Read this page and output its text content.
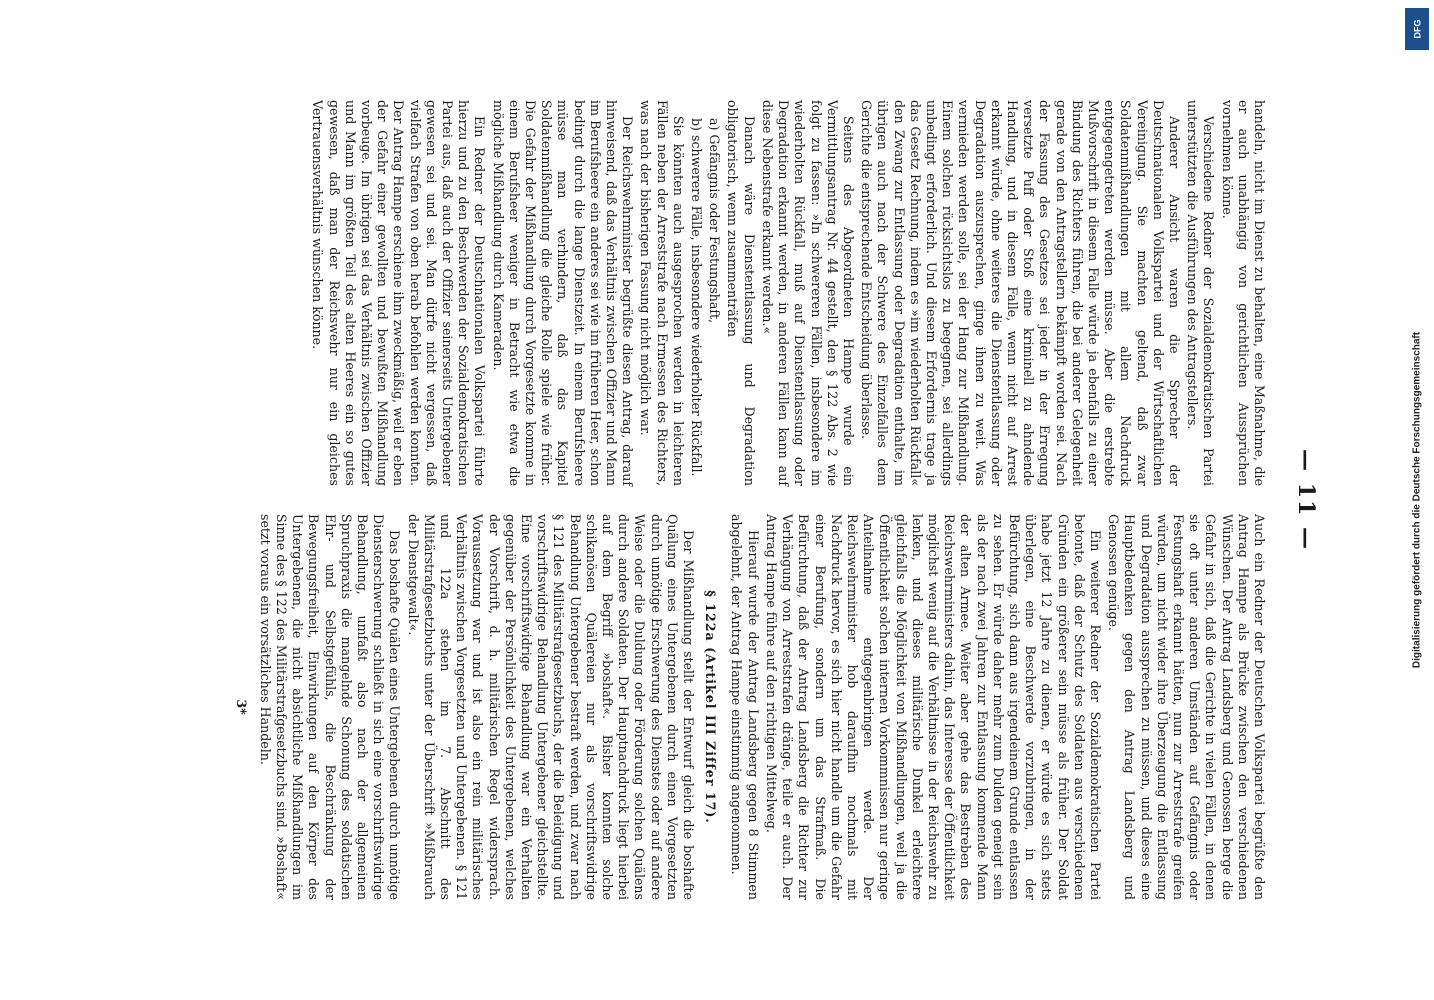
— 11 —

handeln, nicht im Dienst zu behalten, eine Maßnahme, die er auch unabhängig von gerichtlichen Aussprüchen vornehmen könne.

Verschiedene Redner der Sozialdemokratischen Partei unterstützten die Ausführungen des Antragstellers.

Anderer Ansicht waren die Sprecher der Deutschnationalen Volkspartei und der Wirtschaftlichen Vereinigung. Sie machten geltend, daß zwar Soldatenmißhandlungen mit allem Nachdruck entgegengetreten werden müsse. Aber die erstrebte Mußvorschrift in diesem Falle würde ja ebenfalls zu einer Bindung des Richters führen, die bei anderer Gelegenheit gerade von den Antragstellern bekämpft worden sei. Nach der Fassung des Gesetzes sei jeder in der Erregung versetzte Puff oder Stoß eine kriminell zu ahndende Handlung, und in diesem Falle, wenn nicht auf Arrest erkannt würde, ohne weiteres die Dienstentlassung oder Degradation auszusprechen, ginge ihnen zu weit. Was vermieden werden solle, sei der Hang zur Mißhandlung. Einem solchen rücksichtslos zu begegnen, sei allerdings unbedingt erforderlich. Und diesem Erfordernis trage ja das Gesetz Rechnung, indem es »im wiederholten Rückfall« den Zwang zur Entlassung oder Degradation enthalte, im übrigen auch nach der Schwere des Einzelfalles dem Gerichte die entsprechende Entscheidung überlasse.

Seitens des Abgeordneten Hampe wurde ein Vermittlungsantrag Nr. 44 gestellt, den § 122 Abs. 2 wie folgt zu fassen: »In schwereren Fällen, insbesondere im wiederholten Rückfall, muß auf Dienstentlassung oder Degradation erkannt werden, in anderen Fällen kann auf diese Nebenstrafe erkannt werden.«

Danach wäre Dienstentlassung und Degradation obligatorisch, wenn zusammenträfen

a) Gefängnis oder Festungshaft,

b) schwerere Fälle, insbesondere wiederholter Rückfall.

Sie könnten auch ausgesprochen werden in leichteren Fällen neben der Arreststrafe nach Ermessen des Richters, was nach der bisherigen Fassung nicht möglich war.

Der Reichswehrminister begrüßte diesen Antrag, darauf hinweisend, daß das Verhältnis zwischen Offizier und Mann im Berufsheere ein anderes sei wie im früheren Heer, schon bedingt durch die lange Dienstzeit. In einem Berufsheere müsse man verhindern, daß das Kapitel Soldatenmißhandlung die gleiche Rolle spiele wie früher. Die Gefahr der Mißhandlung durch Vorgesetzte komme in einem Berufsheer weniger in Betracht wie etwa die mögliche Mißhandlung durch Kameraden.

Ein Redner der Deutschnationalen Volkspartei führte hierzu und zu den Beschwerden der Sozialdemokratischen Partei aus, daß auch der Offizier seinerseits Untergebener gewesen sei und sei. Man dürfe nicht vergessen, daß vielfach Strafen von oben herab befohlen werden konnten. Der Antrag Hampe erschiene ihm zweckmäßig, weil er eben der Gefahr einer gewollten und bewußten Mißhandlung vorbeuge. Im übrigen sei das Verhältnis zwischen Offizier und Mann im größten Teil des alten Heeres ein so gutes gewesen, daß man der Reichswehr nur ein gleiches Vertrauensverhältnis wünschen könne.

Auch ein Redner der Deutschen Volkspartei begrüßte den Antrag Hampe als Brücke zwischen den verschiedenen Wünschen. Der Antrag Landsberg und Genossen berge die Gefahr in sich, daß die Gerichte in vielen Fällen, in denen sie oft unter anderen Umständen auf Gefängnis oder Festungshaft erkannt hätten, nun zur Arreststrafe greifen würden, um nicht wider ihre Überzeugung die Entlassung und Degradation aussprechen zu müssen, und dieses eine Hauptbedenken gegen den Antrag Landsberg und Genossen genüge.

Ein weiterer Redner der Sozialdemokratischen Partei betonte, daß der Schutz des Soldaten aus verschiedenen Gründen ein größerer sein müsse als früher. Der Soldat habe jetzt 12 Jahre zu dienen, er würde es sich stets überlegen, eine Beschwerde vorzubringen, in der Befürchtung, sich dann aus irgendeinem Grunde entlassen zu sehen. Er würde daher mehr zum Dulden geneigt sein als der nach zwei Jahren zur Entlassung kommende Mann der alten Armee. Weiter aber gehe das Bestreben des Reichswehrministers dahin, das Interesse der Öffentlichkeit möglichst wenig auf die Verhältnisse in der Reichswehr zu lenken, und dieses militärische Dunkel erleichtere gleichfalls die Möglichkeit von Mißhandlungen, weil ja die Öffentlichkeit solchen internen Vorkommnissen nur geringe Anteilnahme entgegenbringen werde. Der Reichswehrminister hob daraufhin nochmals mit Nachdruck hervor, es sich hier nicht handle um die Gefahr einer Berufung, sondern um das Strafmaß. Die Befürchtung, daß der Antrag Landsberg die Richter zur Verhängung von Arreststrafen dränge, teile er auch. Der Antrag Hampe führe auf den richtigen Mittelweg.

Hierauf wurde der Antrag Landsberg gegen 8 Stimmen abgelehnt, der Antrag Hampe einstimmig angenommen.

§ 122a (Artikel III Ziffer 17).

Der Mißhandlung stellt der Entwurf gleich die boshafte Quälung eines Untergebenen durch einen Vorgesetzten durch unnötige Erschwerung des Dienstes oder auf andere Weise oder die Duldung oder Förderung solchen Quälens durch andere Soldaten. Der Hauptnachdruck liegt hierbei auf dem Begriff »boshaft«. Bisher konnten solche schikanösen Quälereien nur als vorschriftswidrige Behandlung Untergebener bestraft werden, und zwar nach § 121 des Militärstrafgesetzbuchs, der die Beleidigung und vorschriftswidrige Behandlung Untergebener gleichstellte. Eine vorschriftswidrige Behandlung war ein Verhalten gegenüber der Persönlichkeit des Untergebenen, welches der Vorschrift, d. h. militärischen Regel widersprach. Voraussetzung war und ist also ein rein militärisches Verhältnis zwischen Vorgesetzten und Untergebenen. § 121 und 122a stehen im 7. Abschnitt des Militärstrafgesetzbuchs unter der Überschrift »Mißbrauch der Dienstgewalt«.

Das boshafte Quälen eines Untergebenen durch unnötige Diensterschwerung schließt in sich eine vorschriftswidrige Behandlung, umfaßt also nach der allgemeinen Spruchpraxis die mangelnde Schonung des soldatischen Ehr- und Selbstgefühls, die Beschränkung der Bewegungsfreiheit, Einwirkungen auf den Körper des Untergebenen, die nicht absichtliche Mißhandlungen im Sinne des § 122 des Militärstrafgesetzbuchs sind. »Boshaft« setzt voraus ein vorsätzliches Handeln.

3*

DFG
Digitalisierung gefördert durch die Deutsche Forschungsgemeinschaft
